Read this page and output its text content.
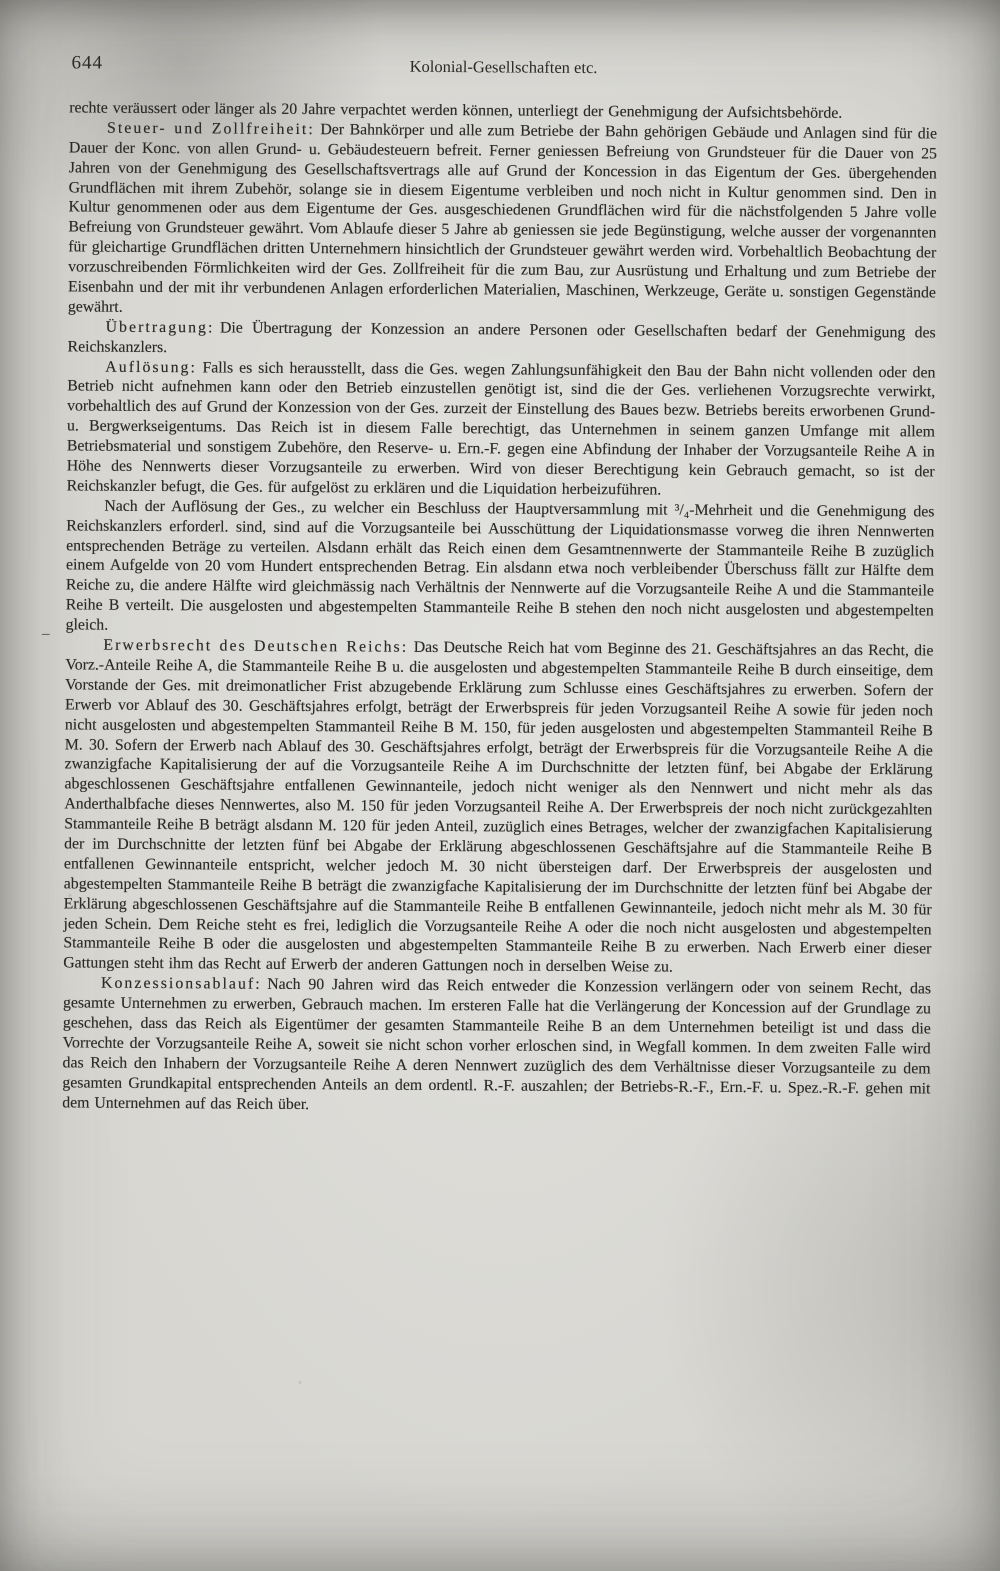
–
644	Kolonial-Gesellschaften etc.

rechte veräussert oder länger als 20 Jahre verpachtet werden können, unterliegt der Genehmigung der Aufsichtsbehörde.

Steuer- und Zollfreiheit: Der Bahnkörper und alle zum Betriebe der Bahn gehörigen Gebäude und Anlagen sind für die Dauer der Konc. von allen Grund- u. Gebäudesteuern befreit. Ferner geniessen Befreiung von Grundsteuer für die Dauer von 25 Jahren von der Genehmigung des Gesellschaftsvertrags alle auf Grund der Koncession in das Eigentum der Ges. übergehenden Grundflächen mit ihrem Zubehör, solange sie in diesem Eigentume verbleiben und noch nicht in Kultur genommen sind. Den in Kultur genommenen oder aus dem Eigentume der Ges. ausgeschiedenen Grundflächen wird für die nächstfolgenden 5 Jahre volle Befreiung von Grundsteuer gewährt. Vom Ablaufe dieser 5 Jahre ab geniessen sie jede Begünstigung, welche ausser der vorgenannten für gleichartige Grundflächen dritten Unternehmern hinsichtlich der Grundsteuer gewährt werden wird. Vorbehaltlich Beobachtung der vorzuschreibenden Förmlichkeiten wird der Ges. Zollfreiheit für die zum Bau, zur Ausrüstung und Erhaltung und zum Betriebe der Eisenbahn und der mit ihr verbundenen Anlagen erforderlichen Materialien, Maschinen, Werkzeuge, Geräte u. sonstigen Gegenstände gewährt.

Übertragung: Die Übertragung der Konzession an andere Personen oder Gesellschaften bedarf der Genehmigung des Reichskanzlers.

Auflösung: Falls es sich herausstellt, dass die Ges. wegen Zahlungsunfähigkeit den Bau der Bahn nicht vollenden oder den Betrieb nicht aufnehmen kann oder den Betrieb einzustellen genötigt ist, sind die der Ges. verliehenen Vorzugsrechte verwirkt, vorbehaltlich des auf Grund der Konzession von der Ges. zurzeit der Einstellung des Baues bezw. Betriebs bereits erworbenen Grund- u. Bergwerkseigentums. Das Reich ist in diesem Falle berechtigt, das Unternehmen in seinem ganzen Umfange mit allem Betriebsmaterial und sonstigem Zubehöre, den Reserve- u. Ern.-F. gegen eine Abfindung der Inhaber der Vorzugsanteile Reihe A in Höhe des Nennwerts dieser Vorzugsanteile zu erwerben. Wird von dieser Berechtigung kein Gebrauch gemacht, so ist der Reichskanzler befugt, die Ges. für aufgelöst zu erklären und die Liquidation herbeizuführen.

Nach der Auflösung der Ges., zu welcher ein Beschluss der Hauptversammlung mit ³/₄-Mehrheit und die Genehmigung des Reichskanzlers erforderl. sind, sind auf die Vorzugsanteile bei Ausschüttung der Liquidationsmasse vorweg die ihren Nennwerten entsprechenden Beträge zu verteilen. Alsdann erhält das Reich einen dem Gesamtnennwerte der Stammanteile Reihe B zuzüglich einem Aufgelde von 20 vom Hundert entsprechenden Betrag. Ein alsdann etwa noch verbleibender Überschuss fällt zur Hälfte dem Reiche zu, die andere Hälfte wird gleichmässig nach Verhältnis der Nennwerte auf die Vorzugsanteile Reihe A und die Stammanteile Reihe B verteilt. Die ausgelosten und abgestempelten Stammanteile Reihe B stehen den noch nicht ausgelosten und abgestempelten gleich.

Erwerbsrecht des Deutschen Reichs: Das Deutsche Reich hat vom Beginne des 21. Geschäftsjahres an das Recht, die Vorz.-Anteile Reihe A, die Stammanteile Reihe B u. die ausgelosten und abgestempelten Stammanteile Reihe B durch einseitige, dem Vorstande der Ges. mit dreimonatlicher Frist abzugebende Erklärung zum Schlusse eines Geschäftsjahres zu erwerben. Sofern der Erwerb vor Ablauf des 30. Geschäftsjahres erfolgt, beträgt der Erwerbspreis für jeden Vorzugsanteil Reihe A sowie für jeden noch nicht ausgelosten und abgestempelten Stammanteil Reihe B M. 150, für jeden ausgelosten und abgestempelten Stammanteil Reihe B M. 30. Sofern der Erwerb nach Ablauf des 30. Geschäftsjahres erfolgt, beträgt der Erwerbspreis für die Vorzugsanteile Reihe A die zwanzigfache Kapitalisierung der auf die Vorzugsanteile Reihe A im Durchschnitte der letzten fünf, bei Abgabe der Erklärung abgeschlossenen Geschäftsjahre entfallenen Gewinnanteile, jedoch nicht weniger als den Nennwert und nicht mehr als das Anderthalbfache dieses Nennwertes, also M. 150 für jeden Vorzugsanteil Reihe A. Der Erwerbspreis der noch nicht zurückgezahlten Stammanteile Reihe B beträgt alsdann M. 120 für jeden Anteil, zuzüglich eines Betrages, welcher der zwanzigfachen Kapitalisierung der im Durchschnitte der letzten fünf bei Abgabe der Erklärung abgeschlossenen Geschäftsjahre auf die Stammanteile Reihe B entfallenen Gewinnanteile entspricht, welcher jedoch M. 30 nicht übersteigen darf. Der Erwerbspreis der ausgelosten und abgestempelten Stammanteile Reihe B beträgt die zwanzigfache Kapitalisierung der im Durchschnitte der letzten fünf bei Abgabe der Erklärung abgeschlossenen Geschäftsjahre auf die Stammanteile Reihe B entfallenen Gewinnanteile, jedoch nicht mehr als M. 30 für jeden Schein. Dem Reiche steht es frei, lediglich die Vorzugsanteile Reihe A oder die noch nicht ausgelosten und abgestempelten Stammanteile Reihe B oder die ausgelosten und abgestempelten Stammanteile Reihe B zu erwerben. Nach Erwerb einer dieser Gattungen steht ihm das Recht auf Erwerb der anderen Gattungen noch in derselben Weise zu.

Konzessionsablauf: Nach 90 Jahren wird das Reich entweder die Konzession verlängern oder von seinem Recht, das gesamte Unternehmen zu erwerben, Gebrauch machen. Im ersteren Falle hat die Verlängerung der Koncession auf der Grundlage zu geschehen, dass das Reich als Eigentümer der gesamten Stammanteile Reihe B an dem Unternehmen beteiligt ist und dass die Vorrechte der Vorzugsanteile Reihe A, soweit sie nicht schon vorher erloschen sind, in Wegfall kommen. In dem zweiten Falle wird das Reich den Inhabern der Vorzugsanteile Reihe A deren Nennwert zuzüglich des dem Verhältnisse dieser Vorzugsanteile zu dem gesamten Grundkapital entsprechenden Anteils an dem ordentl. R.-F. auszahlen; der Betriebs-R.-F., Ern.-F. u. Spez.-R.-F. gehen mit dem Unternehmen auf das Reich über.
